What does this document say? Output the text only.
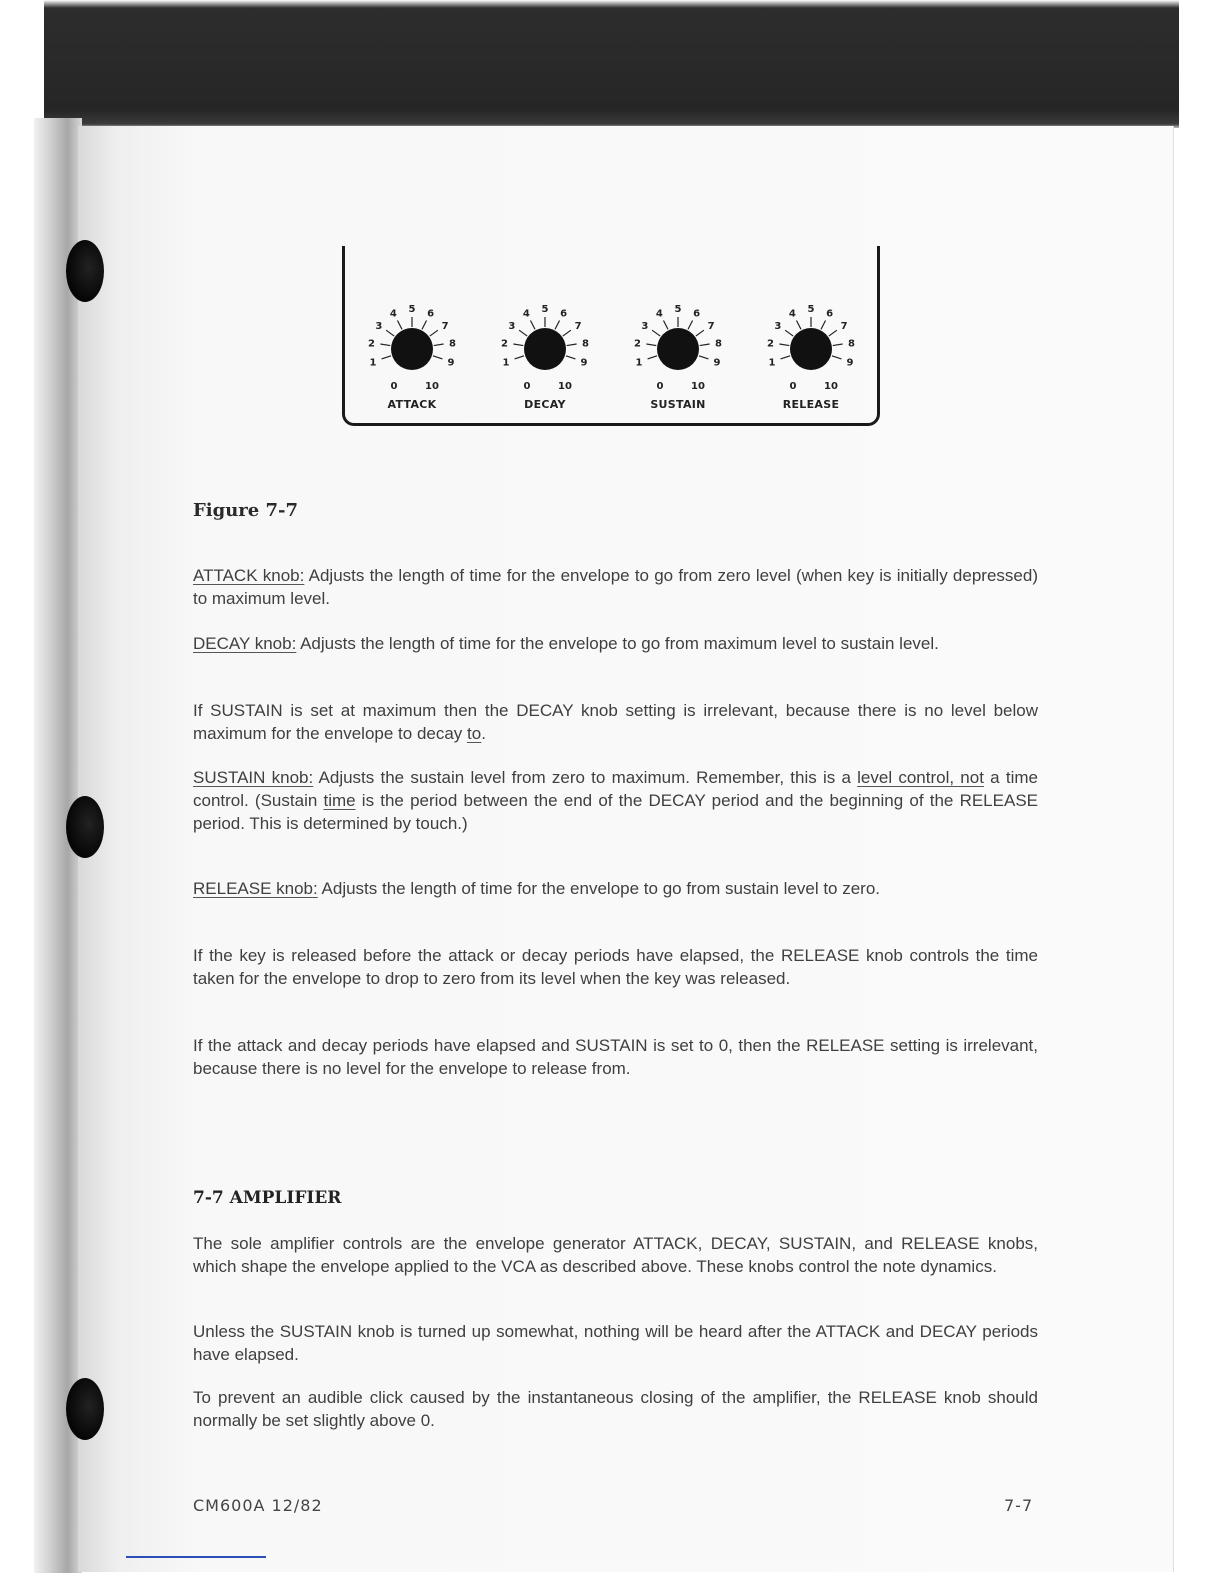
0
1
2
3
4 5 6
7
8
9
10	0
1
2
3
4 5 6
7
8
9
10	0
1
2
3
4 5 6
7
8
9
10	0
1
2
3
4 5 6
7
8
9
10
ATTACK	DECAY	SUSTAIN	RELEASE
Figure 7-7

ATTACK knob: Adjusts the length of time for the envelope to go from zero level (when key is initially depressed) to maximum level.

DECAY knob: Adjusts the length of time for the envelope to go from maximum level to sustain level.

If SUSTAIN is set at maximum then the DECAY knob setting is irrelevant, because there is no level below maximum for the envelope to decay to.

SUSTAIN knob: Adjusts the sustain level from zero to maximum. Remember, this is a level control, not a time control. (Sustain time is the period between the end of the DECAY period and the beginning of the RELEASE period. This is determined by touch.)

RELEASE knob: Adjusts the length of time for the envelope to go from sustain level to zero.

If the key is released before the attack or decay periods have elapsed, the RELEASE knob controls the time taken for the envelope to drop to zero from its level when the key was released.

If the attack and decay periods have elapsed and SUSTAIN is set to 0, then the RELEASE setting is irrelevant, because there is no level for the envelope to release from.

7-7 AMPLIFIER

The sole amplifier controls are the envelope generator ATTACK, DECAY, SUSTAIN, and RELEASE knobs, which shape the envelope applied to the VCA as described above. These knobs control the note dynamics.

Unless the SUSTAIN knob is turned up somewhat, nothing will be heard after the ATTACK and DECAY periods have elapsed.

To prevent an audible click caused by the instantaneous closing of the amplifier, the RELEASE knob should normally be set slightly above 0.

CM600A 12/82	7-7
